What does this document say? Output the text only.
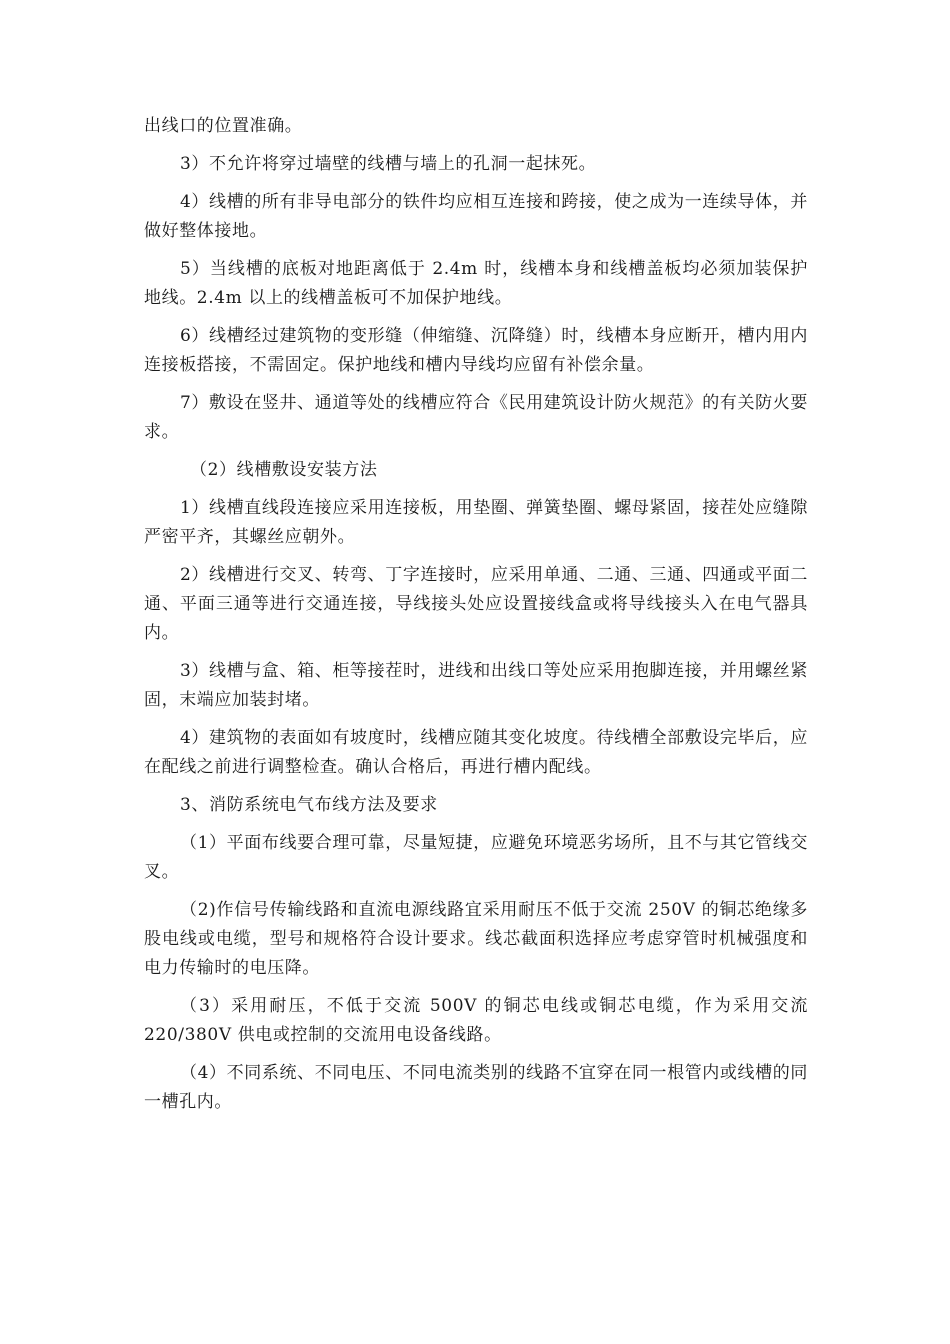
出线口的位置准确。

3）不允许将穿过墙壁的线槽与墙上的孔洞一起抹死。

4）线槽的所有非导电部分的铁件均应相互连接和跨接，使之成为一连续导体，并做好整体接地。

5）当线槽的底板对地距离低于 2.4m 时，线槽本身和线槽盖板均必须加装保护地线。2.4m 以上的线槽盖板可不加保护地线。

6）线槽经过建筑物的变形缝（伸缩缝、沉降缝）时，线槽本身应断开，槽内用内连接板搭接，不需固定。保护地线和槽内导线均应留有补偿余量。

7）敷设在竖井、通道等处的线槽应符合《民用建筑设计防火规范》的有关防火要求。

（2）线槽敷设安装方法

1）线槽直线段连接应采用连接板，用垫圈、弹簧垫圈、螺母紧固，接茬处应缝隙严密平齐，其螺丝应朝外。

2）线槽进行交叉、转弯、丁字连接时，应采用单通、二通、三通、四通或平面二通、平面三通等进行交通连接，导线接头处应设置接线盒或将导线接头入在电气器具内。

3）线槽与盒、箱、柜等接茬时，进线和出线口等处应采用抱脚连接，并用螺丝紧固，末端应加装封堵。

4）建筑物的表面如有坡度时，线槽应随其变化坡度。待线槽全部敷设完毕后，应在配线之前进行调整检查。确认合格后，再进行槽内配线。

3、消防系统电气布线方法及要求

（1）平面布线要合理可靠，尽量短捷，应避免环境恶劣场所，且不与其它管线交叉。

（2)作信号传输线路和直流电源线路宜采用耐压不低于交流 250V 的铜芯绝缘多股电线或电缆，型号和规格符合设计要求。线芯截面积选择应考虑穿管时机械强度和电力传输时的电压降。

（3）采用耐压，不低于交流 500V 的铜芯电线或铜芯电缆，作为采用交流 220/380V 供电或控制的交流用电设备线路。

（4）不同系统、不同电压、不同电流类别的线路不宜穿在同一根管内或线槽的同一槽孔内。
